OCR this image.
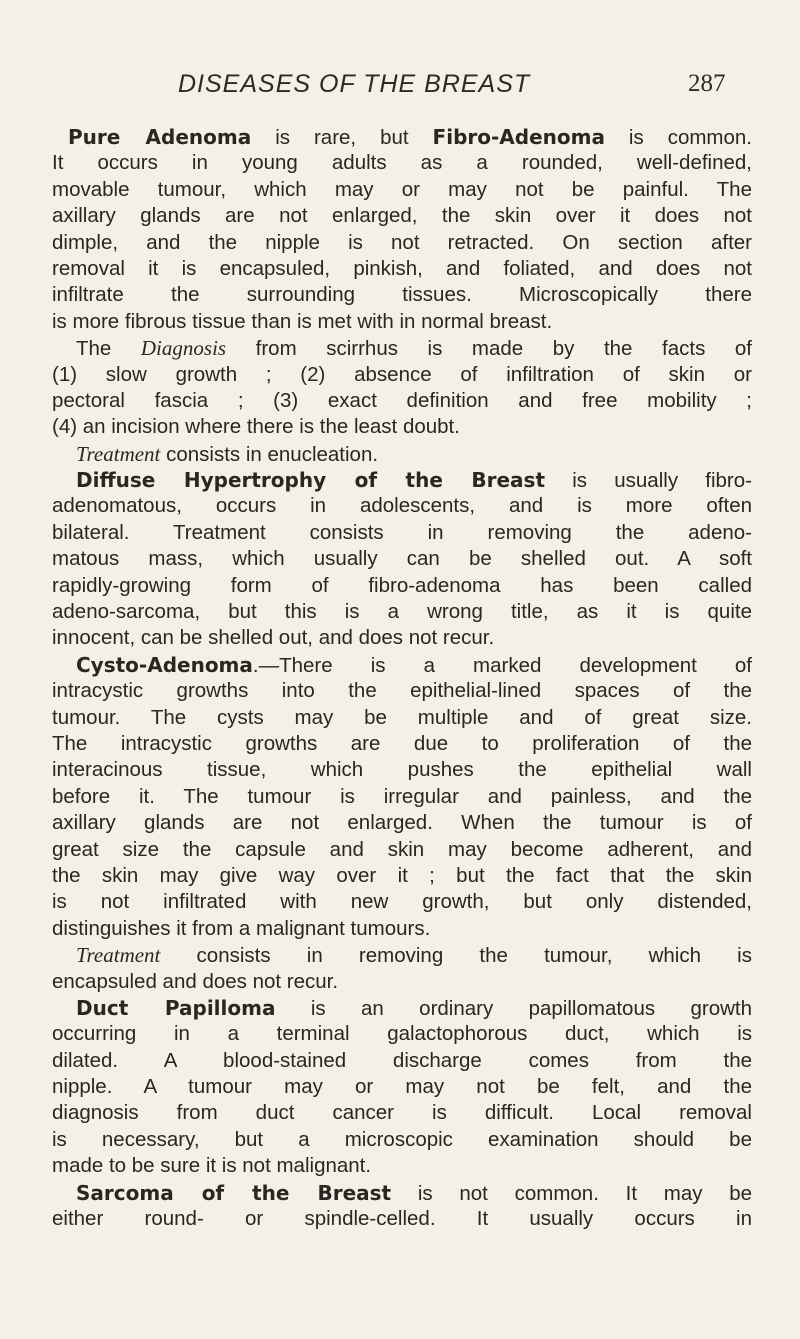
DISEASES OF THE BREAST	287
Pure Adenoma is rare, but Fibro-Adenoma is common.
It occurs in young adults as a rounded, well-defined,
movable tumour, which may or may not be painful. The
axillary glands are not enlarged, the skin over it does not
dimple, and the nipple is not retracted. On section after
removal it is encapsuled, pinkish, and foliated, and does not
infiltrate the surrounding tissues. Microscopically there
is more fibrous tissue than is met with in normal breast.
The Diagnosis from scirrhus is made by the facts of
(1) slow growth ; (2) absence of infiltration of skin or
pectoral fascia ; (3) exact definition and free mobility ;
(4) an incision where there is the least doubt.
Treatment consists in enucleation.
Diffuse Hypertrophy of the Breast is usually fibro-
adenomatous, occurs in adolescents, and is more often
bilateral. Treatment consists in removing the adeno-
matous mass, which usually can be shelled out. A soft
rapidly-growing form of fibro-adenoma has been called
adeno-sarcoma, but this is a wrong title, as it is quite
innocent, can be shelled out, and does not recur.
Cysto-Adenoma.—There is a marked development of
intracystic growths into the epithelial-lined spaces of the
tumour. The cysts may be multiple and of great size.
The intracystic growths are due to proliferation of the
interacinous tissue, which pushes the epithelial wall
before it. The tumour is irregular and painless, and the
axillary glands are not enlarged. When the tumour is of
great size the capsule and skin may become adherent, and
the skin may give way over it ; but the fact that the skin
is not infiltrated with new growth, but only distended,
distinguishes it from a malignant tumours.
Treatment consists in removing the tumour, which is
encapsuled and does not recur.
Duct Papilloma is an ordinary papillomatous growth
occurring in a terminal galactophorous duct, which is
dilated. A blood-stained discharge comes from the
nipple. A tumour may or may not be felt, and the
diagnosis from duct cancer is difficult. Local removal
is necessary, but a microscopic examination should be
made to be sure it is not malignant.
Sarcoma of the Breast is not common. It may be
either round- or spindle-celled. It usually occurs in
